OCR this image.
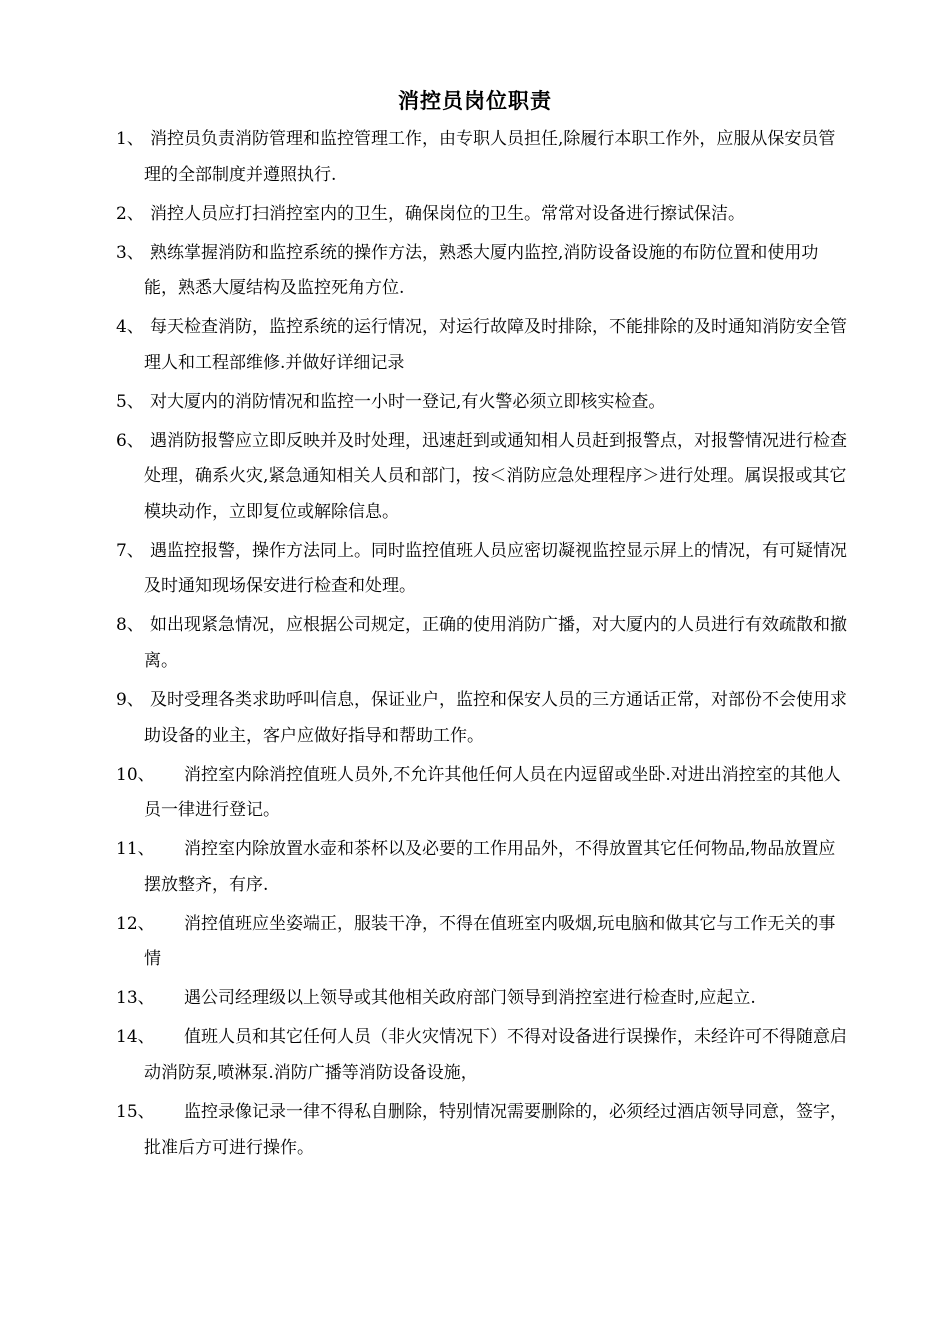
消控员岗位职责
1、 消控员负责消防管理和监控管理工作，由专职人员担任,除履行本职工作外，应服从保安员管理的全部制度并遵照执行.
2、 消控人员应打扫消控室内的卫生，确保岗位的卫生。常常对设备进行擦试保洁。
3、 熟练掌握消防和监控系统的操作方法，熟悉大厦内监控,消防设备设施的布防位置和使用功能，熟悉大厦结构及监控死角方位.
4、 每天检查消防，监控系统的运行情况，对运行故障及时排除，不能排除的及时通知消防安全管理人和工程部维修.并做好详细记录
5、 对大厦内的消防情况和监控一小时一登记,有火警必须立即核实检查。
6、 遇消防报警应立即反映并及时处理，迅速赶到或通知相人员赶到报警点，对报警情况进行检查处理，确系火灾,紧急通知相关人员和部门，按＜消防应急处理程序＞进行处理。属误报或其它模块动作，立即复位或解除信息。
7、 遇监控报警，操作方法同上。同时监控值班人员应密切凝视监控显示屏上的情况，有可疑情况及时通知现场保安进行检查和处理。
8、 如出现紧急情况，应根据公司规定，正确的使用消防广播，对大厦内的人员进行有效疏散和撤离。
9、 及时受理各类求助呼叫信息，保证业户，监控和保安人员的三方通话正常，对部份不会使用求助设备的业主，客户应做好指导和帮助工作。
10、	消控室内除消控值班人员外,不允许其他任何人员在内逗留或坐卧.对进出消控室的其他人员一律进行登记。
11、	消控室内除放置水壶和茶杯以及必要的工作用品外，不得放置其它任何物品,物品放置应摆放整齐，有序.
12、	消控值班应坐姿端正，服装干净，不得在值班室内吸烟,玩电脑和做其它与工作无关的事情
13、	遇公司经理级以上领导或其他相关政府部门领导到消控室进行检查时,应起立.
14、	值班人员和其它任何人员（非火灾情况下）不得对设备进行误操作，未经许可不得随意启动消防泵,喷淋泵.消防广播等消防设备设施，
15、	监控录像记录一律不得私自删除，特别情况需要删除的，必须经过酒店领导同意，签字，批准后方可进行操作。
